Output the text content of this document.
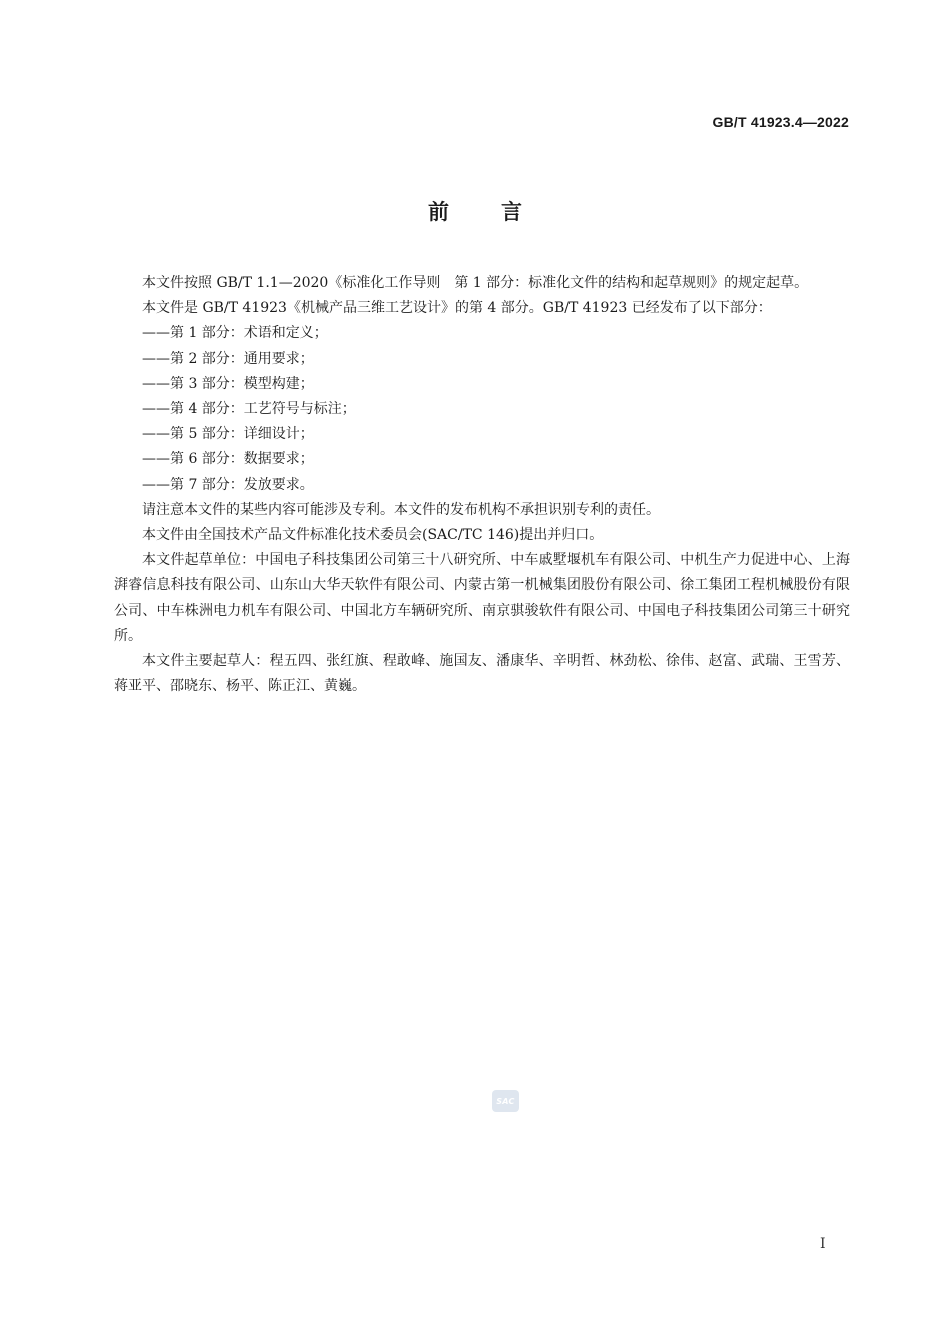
GB/T 41923.4—2022
前言

本文件按照 GB/T 1.1—2020《标准化工作导则　第 1 部分：标准化文件的结构和起草规则》的规定起草。

本文件是 GB/T 41923《机械产品三维工艺设计》的第 4 部分。GB/T 41923 已经发布了以下部分：

——第 1 部分：术语和定义；

——第 2 部分：通用要求；

——第 3 部分：模型构建；

——第 4 部分：工艺符号与标注；

——第 5 部分：详细设计；

——第 6 部分：数据要求；

——第 7 部分：发放要求。

请注意本文件的某些内容可能涉及专利。本文件的发布机构不承担识别专利的责任。

本文件由全国技术产品文件标准化技术委员会(SAC/TC 146)提出并归口。

本文件起草单位：中国电子科技集团公司第三十八研究所、中车戚墅堰机车有限公司、中机生产力促进中心、上海湃睿信息科技有限公司、山东山大华天软件有限公司、内蒙古第一机械集团股份有限公司、徐工集团工程机械股份有限公司、中车株洲电力机车有限公司、中国北方车辆研究所、南京骐骏软件有限公司、中国电子科技集团公司第三十研究所。

本文件主要起草人：程五四、张红旗、程敢峰、施国友、潘康华、辛明哲、林劲松、徐伟、赵富、武瑞、王雪芳、蒋亚平、邵晓东、杨平、陈正江、黄巍。

SAC
I
